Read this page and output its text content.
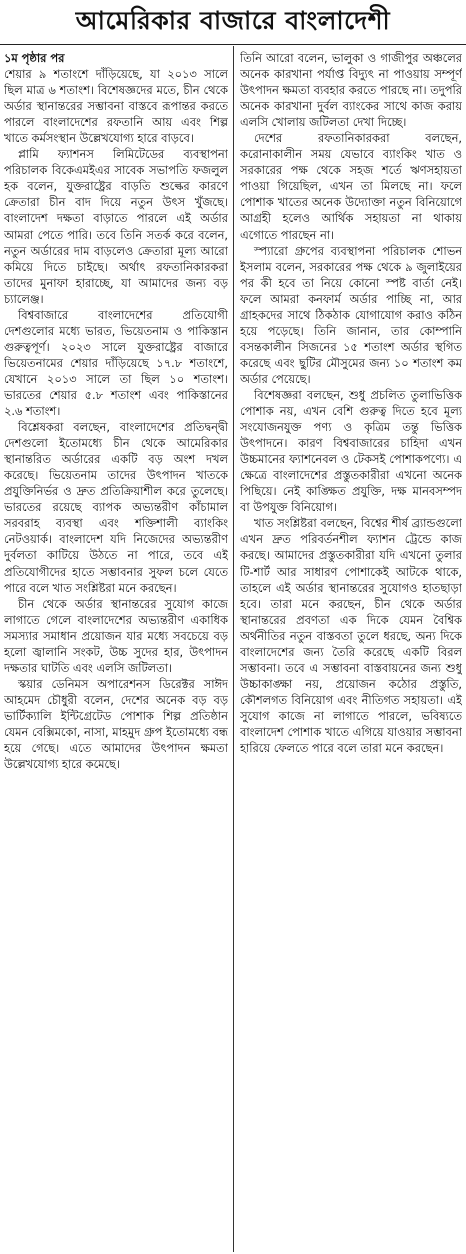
আমেরিকার বাজারে বাংলাদেশী

১ম পৃষ্ঠার পর
শেয়ার ৯ শতাংশে দাঁড়িয়েছে, যা ২০১৩ সালে ছিল মাত্র ৬ শতাংশ। বিশেষজ্ঞদের মতে, চীন থেকে অর্ডার স্থানান্তরের সম্ভাবনা বাস্তবে রূপান্তর করতে পারলে বাংলাদেশের রফতানি আয় এবং শিল্প খাতে কর্মসংস্থান উল্লেখযোগ্য হারে বাড়বে।

প্লামি ফ্যাশনস লিমিটেডের ব্যবস্থাপনা পরিচালক বিকেএমইএর সাবেক সভাপতি ফজলুল হক বলেন, যুক্তরাষ্ট্রের বাড়তি শুল্কের কারণে ক্রেতারা চীন বাদ দিয়ে নতুন উৎস খুঁজছে। বাংলাদেশ দক্ষতা বাড়াতে পারলে এই অর্ডার আমরা পেতে পারি। তবে তিনি সতর্ক করে বলেন, নতুন অর্ডারের দাম বাড়লেও ক্রেতারা মূল্য আরো কমিয়ে দিতে চাইছে। অর্থাৎ রফতানিকারকরা তাদের মুনাফা হারাচ্ছে, যা আমাদের জন্য বড় চ্যালেঞ্জ।

বিশ্ববাজারে বাংলাদেশের প্রতিযোগী দেশগুলোর মধ্যে ভারত, ভিয়েতনাম ও পাকিস্তান গুরুত্বপূর্ণ। ২০২৩ সালে যুক্তরাষ্ট্রের বাজারে ভিয়েতনামের শেয়ার দাঁড়িয়েছে ১৭.৮ শতাংশে, যেখানে ২০১৩ সালে তা ছিল ১০ শতাংশ। ভারতের শেয়ার ৫.৮ শতাংশ এবং পাকিস্তানের ২.৬ শতাংশ।

বিশ্লেষকরা বলছেন, বাংলাদেশের প্রতিদ্বন্দ্বী দেশগুলো ইতোমধ্যে চীন থেকে আমেরিকার স্থানান্তরিত অর্ডারের একটি বড় অংশ দখল করেছে। ভিয়েতনাম তাদের উৎপাদন খাতকে প্রযুক্তিনির্ভর ও দ্রুত প্রতিক্রিয়াশীল করে তুলেছে। ভারতের রয়েছে ব্যাপক অভ্যন্তরীণ কাঁচামাল সরবরাহ ব্যবস্থা এবং শক্তিশালী ব্যাংকিং নেটওয়ার্ক। বাংলাদেশ যদি নিজেদের অভ্যন্তরীণ দুর্বলতা কাটিয়ে উঠতে না পারে, তবে এই প্রতিযোগীদের হাতে সম্ভাবনার সুফল চলে যেতে পারে বলে খাত সংশ্লিষ্টরা মনে করছেন।

চীন থেকে অর্ডার স্থানান্তরের সুযোগ কাজে লাগাতে গেলে বাংলাদেশের অভ্যন্তরীণ একাধিক সমস্যার সমাধান প্রয়োজন যার মধ্যে সবচেয়ে বড় হলো জ্বালানি সংকট, উচ্চ সুদের হার, উৎপাদন দক্ষতার ঘাটতি এবং এলসি জটিলতা।

স্কয়ার ডেনিমস অপারেশনস ডিরেক্টর সাঈদ আহমেদ চৌধুরী বলেন, দেশের অনেক বড় বড় ভার্টিক্যালি ইন্টিগ্রেটেড পোশাক শিল্প প্রতিষ্ঠান যেমন বেক্সিমকো, নাসা, মাহমুদ গ্রুপ ইতোমধ্যে বন্ধ হয়ে গেছে। এতে আমাদের উৎপাদন ক্ষমতা উল্লেখযোগ্য হারে কমেছে।

তিনি আরো বলেন, ভালুকা ও গাজীপুর অঞ্চলের অনেক কারখানা পর্যাপ্ত বিদ্যুৎ না পাওয়ায় সম্পূর্ণ উৎপাদন ক্ষমতা ব্যবহার করতে পারছে না। তদুপরি অনেক কারখানা দুর্বল ব্যাংকের সাথে কাজ করায় এলসি খোলায় জটিলতা দেখা দিচ্ছে।

দেশের রফতানিকারকরা বলছেন, করোনাকালীন সময় যেভাবে ব্যাংকিং খাত ও সরকারের পক্ষ থেকে সহজ শর্তে ঋণসহায়তা পাওয়া গিয়েছিল, এখন তা মিলছে না। ফলে পোশাক খাতের অনেক উদ্যোক্তা নতুন বিনিয়োগে আগ্রহী হলেও আর্থিক সহায়তা না থাকায় এগোতে পারছেন না।

স্প্যারো গ্রুপের ব্যবস্থাপনা পরিচালক শোভন ইসলাম বলেন, সরকারের পক্ষ থেকে ৯ জুলাইয়ের পর কী হবে তা নিয়ে কোনো স্পষ্ট বার্তা নেই। ফলে আমরা কনফার্ম অর্ডার পাচ্ছি না, আর গ্রাহকদের সাথে ঠিকঠাক যোগাযোগ করাও কঠিন হয়ে পড়েছে। তিনি জানান, তার কোম্পানি বসন্তকালীন সিজনের ১৫ শতাংশ অর্ডার স্থগিত করেছে এবং ছুটির মৌসুমের জন্য ১০ শতাংশ কম অর্ডার পেয়েছে।

বিশেষজ্ঞরা বলছেন, শুধু প্রচলিত তুলাভিত্তিক পোশাক নয়, এখন বেশি গুরুত্ব দিতে হবে মূল্য সংযোজনযুক্ত পণ্য ও কৃত্রিম তন্তু ভিত্তিক উৎপাদনে। কারণ বিশ্ববাজারের চাহিদা এখন উচ্চমানের ফ্যাশনেবল ও টেকসই পোশাকপণ্যে। এ ক্ষেত্রে বাংলাদেশের প্রস্তুতকারীরা এখনো অনেক পিছিয়ে। নেই কাঙ্ক্ষিত প্রযুক্তি, দক্ষ মানবসম্পদ বা উপযুক্ত বিনিয়োগ।

খাত সংশ্লিষ্টরা বলছেন, বিশ্বের শীর্ষ ব্র্যান্ডগুলো এখন দ্রুত পরিবর্তনশীল ফ্যাশন ট্রেন্ডে কাজ করছে। আমাদের প্রস্তুতকারীরা যদি এখনো তুলার টি-শার্ট আর সাধারণ পোশাকেই আটকে থাকে, তাহলে এই অর্ডার স্থানান্তরের সুযোগও হাতছাড়া হবে। তারা মনে করছেন, চীন থেকে অর্ডার স্থানান্তরের প্রবণতা এক দিকে যেমন বৈশ্বিক অর্থনীতির নতুন বাস্তবতা তুলে ধরছে, অন্য দিকে বাংলাদেশের জন্য তৈরি করেছে একটি বিরল সম্ভাবনা। তবে এ সম্ভাবনা বাস্তবায়নের জন্য শুধু উচ্চাকাঙ্ক্ষা নয়, প্রয়োজন কঠোর প্রস্তুতি, কৌশলগত বিনিয়োগ এবং নীতিগত সহায়তা। এই সুযোগ কাজে না লাগাতে পারলে, ভবিষ্যতে বাংলাদেশ পোশাক খাতে এগিয়ে যাওয়ার সম্ভাবনা হারিয়ে ফেলতে পারে বলে তারা মনে করছেন।
